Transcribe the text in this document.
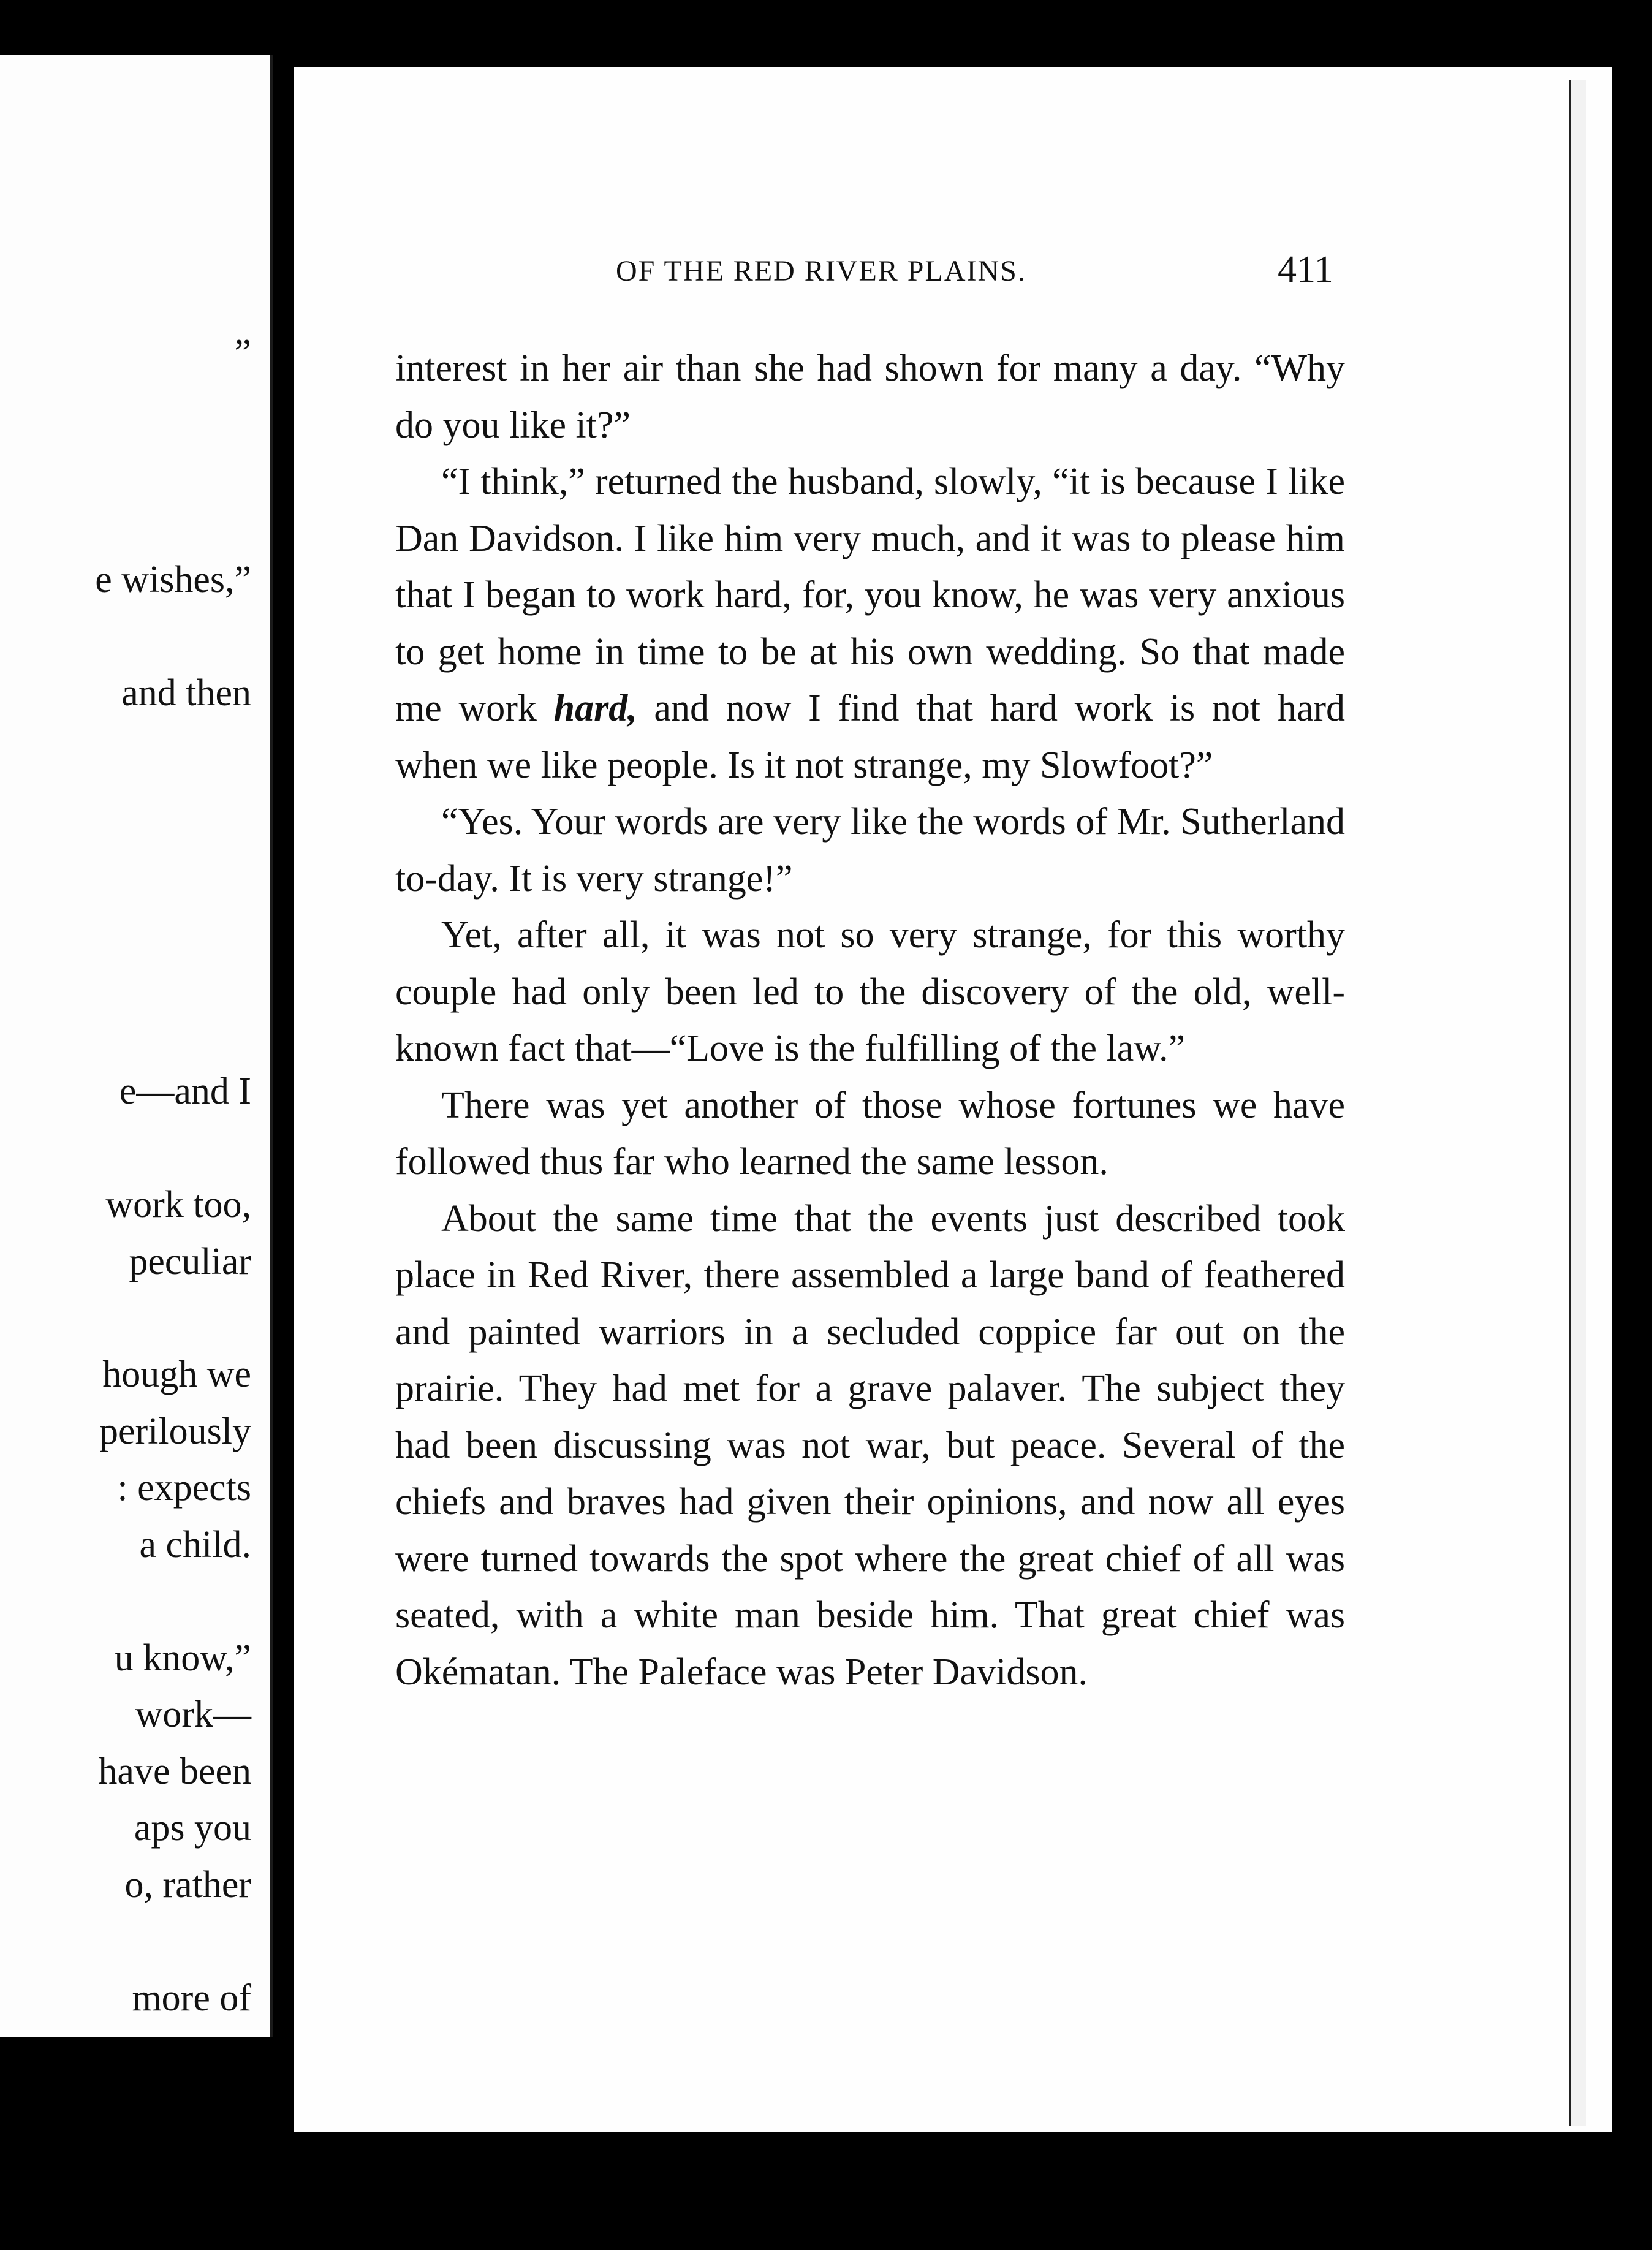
”
e wishes,”
and then
e—and I
work too,
peculiar
hough we
perilously
: expects
a child.
u know,”
work—
have been
aps you
o, rather
more of
OF THE RED RIVER PLAINS.	411

interest in her air than she had shown for many a day. “Why do you like it?”

“I think,” returned the husband, slowly, “it is because I like Dan Davidson. I like him very much, and it was to please him that I began to work hard, for, you know, he was very anxious to get home in time to be at his own wedding. So that made me work hard, and now I find that hard work is not hard when we like people. Is it not strange, my Slowfoot?”

“Yes. Your words are very like the words of Mr. Sutherland to-day. It is very strange!”

Yet, after all, it was not so very strange, for this worthy couple had only been led to the discovery of the old, well-known fact that—“Love is the fulfilling of the law.”

There was yet another of those whose fortunes we have followed thus far who learned the same lesson.

About the same time that the events just described took place in Red River, there assembled a large band of feathered and painted warriors in a secluded coppice far out on the prairie. They had met for a grave palaver. The subject they had been discussing was not war, but peace. Several of the chiefs and braves had given their opinions, and now all eyes were turned towards the spot where the great chief of all was seated, with a white man beside him. That great chief was Okématan. The Paleface was Peter Davidson.
